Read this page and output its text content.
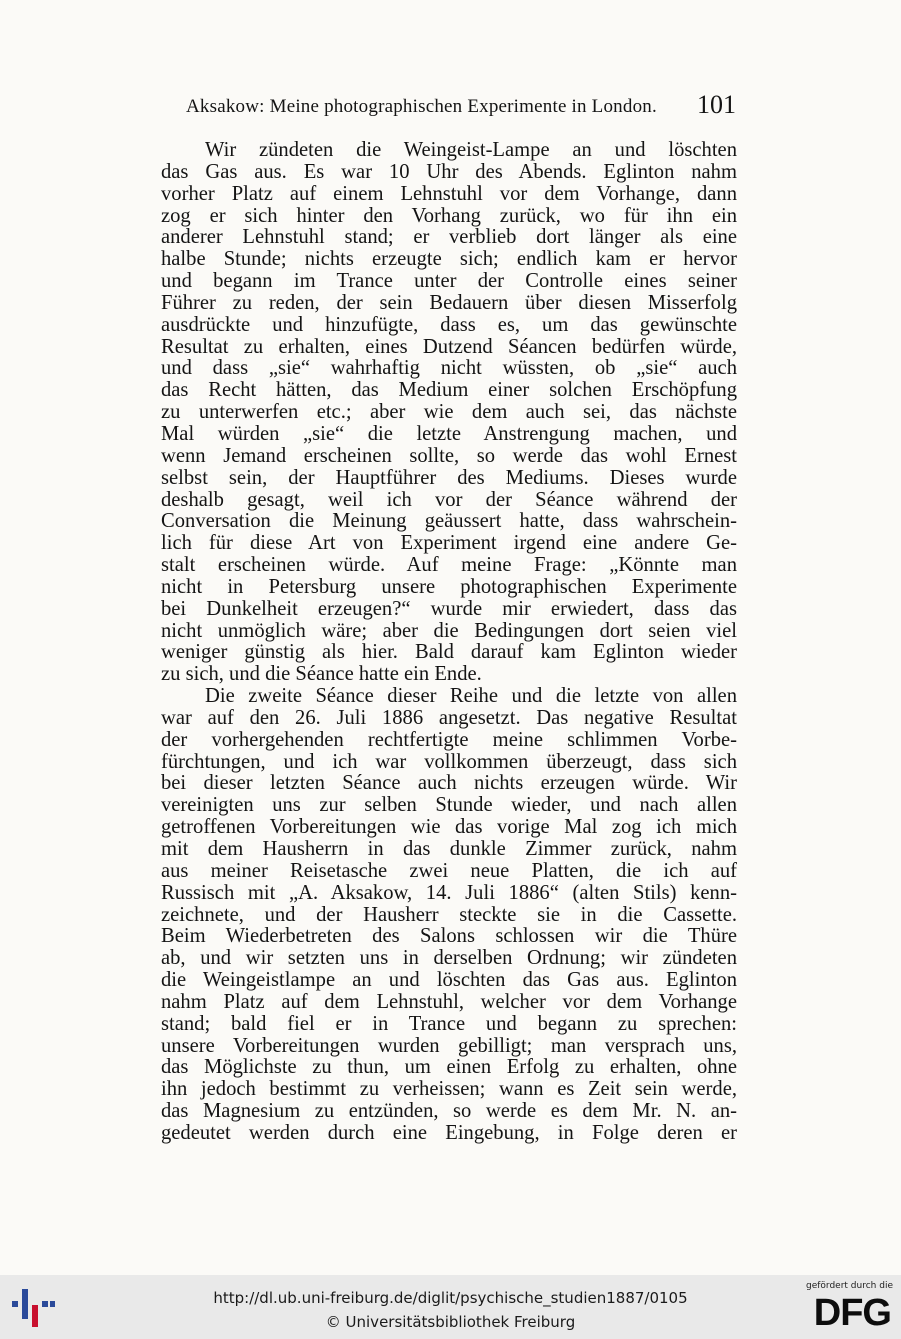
Aksakow: Meine photographischen Experimente in London. 101
Wir zündeten die Weingeist-Lampe an und löschten
das Gas aus. Es war 10 Uhr des Abends. Eglinton nahm
vorher Platz auf einem Lehnstuhl vor dem Vorhange, dann
zog er sich hinter den Vorhang zurück, wo für ihn ein
anderer Lehnstuhl stand; er verblieb dort länger als eine
halbe Stunde; nichts erzeugte sich; endlich kam er hervor
und begann im Trance unter der Controlle eines seiner
Führer zu reden, der sein Bedauern über diesen Misserfolg
ausdrückte und hinzufügte, dass es, um das gewünschte
Resultat zu erhalten, eines Dutzend Séancen bedürfen würde,
und dass „sie“ wahrhaftig nicht wüssten, ob „sie“ auch
das Recht hätten, das Medium einer solchen Erschöpfung
zu unterwerfen etc.; aber wie dem auch sei, das nächste
Mal würden „sie“ die letzte Anstrengung machen, und
wenn Jemand erscheinen sollte, so werde das wohl Ernest
selbst sein, der Hauptführer des Mediums. Dieses wurde
deshalb gesagt, weil ich vor der Séance während der
Conversation die Meinung geäussert hatte, dass wahrschein-
lich für diese Art von Experiment irgend eine andere Ge-
stalt erscheinen würde. Auf meine Frage: „Könnte man
nicht in Petersburg unsere photographischen Experimente
bei Dunkelheit erzeugen?“ wurde mir erwiedert, dass das
nicht unmöglich wäre; aber die Bedingungen dort seien viel
weniger günstig als hier. Bald darauf kam Eglinton wieder
zu sich, und die Séance hatte ein Ende.
Die zweite Séance dieser Reihe und die letzte von allen
war auf den 26. Juli 1886 angesetzt. Das negative Resultat
der vorhergehenden rechtfertigte meine schlimmen Vorbe-
fürchtungen, und ich war vollkommen überzeugt, dass sich
bei dieser letzten Séance auch nichts erzeugen würde. Wir
vereinigten uns zur selben Stunde wieder, und nach allen
getroffenen Vorbereitungen wie das vorige Mal zog ich mich
mit dem Hausherrn in das dunkle Zimmer zurück, nahm
aus meiner Reisetasche zwei neue Platten, die ich auf
Russisch mit „A. Aksakow, 14. Juli 1886“ (alten Stils) kenn-
zeichnete, und der Hausherr steckte sie in die Cassette.
Beim Wiederbetreten des Salons schlossen wir die Thüre
ab, und wir setzten uns in derselben Ordnung; wir zündeten
die Weingeistlampe an und löschten das Gas aus. Eglinton
nahm Platz auf dem Lehnstuhl, welcher vor dem Vorhange
stand; bald fiel er in Trance und begann zu sprechen:
unsere Vorbereitungen wurden gebilligt; man versprach uns,
das Möglichste zu thun, um einen Erfolg zu erhalten, ohne
ihn jedoch bestimmt zu verheissen; wann es Zeit sein werde,
das Magnesium zu entzünden, so werde es dem Mr. N. an-
gedeutet werden durch eine Eingebung, in Folge deren er
http://dl.ub.uni-freiburg.de/diglit/psychische_studien1887/0105
© Universitätsbibliothek Freiburg
gefördert durch die
DFG
